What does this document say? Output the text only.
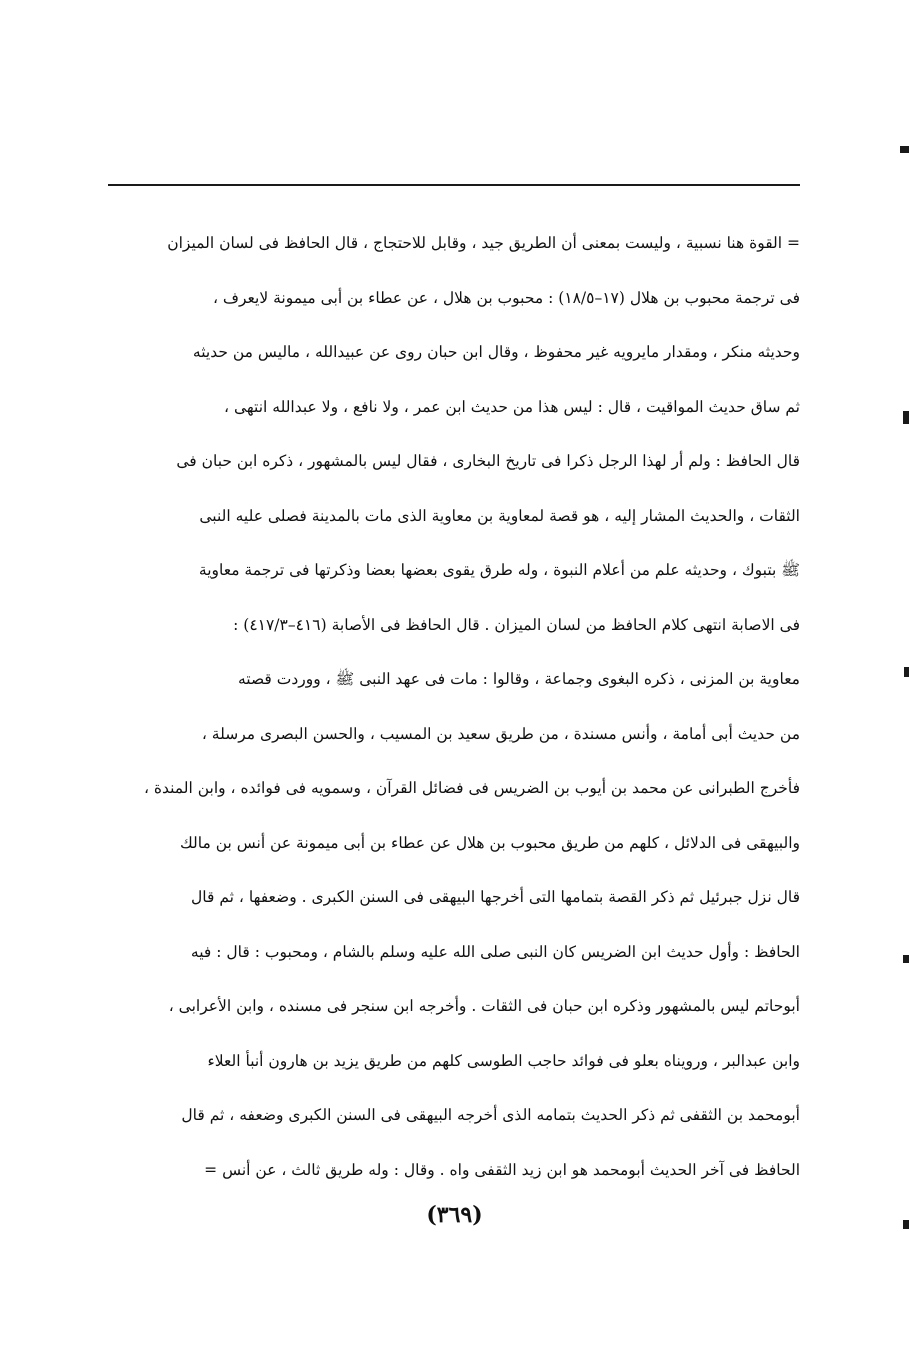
= القوة هنا نسبية ، وليست بمعنى أن الطريق جيد ، وقابل للاحتجاج ، قال الحافظ فى لسان الميزان
فى ترجمة محبوب بن هلال (١٧–١٨/٥) : محبوب بن هلال ، عن عطاء بن أبى ميمونة لايعرف ،
وحديثه منكر ، ومقدار مايرويه غير محفوظ ، وقال ابن حبان روى عن عبيدالله ، ماليس من حديثه
ثم ساق حديث المواقيت ، قال : ليس هذا من حديث ابن عمر ، ولا نافع ، ولا عبدالله انتهى ،
قال الحافظ : ولم أر لهذا الرجل ذكرا فى تاريخ البخارى ، فقال ليس بالمشهور ، ذكره ابن حبان فى
الثقات ، والحديث المشار إليه ، هو قصة لمعاوية بن معاوية الذى مات بالمدينة فصلى عليه النبى
ﷺ بتبوك ، وحديثه علم من أعلام النبوة ، وله طرق يقوى بعضها بعضا وذكرتها فى ترجمة معاوية
فى الاصابة انتهى كلام الحافظ من لسان الميزان . قال الحافظ فى الأصابة (٤١٦–٤١٧/٣) :
معاوية بن المزنى ، ذكره البغوى وجماعة ، وقالوا : مات فى عهد النبى ﷺ ، ووردت قصته
من حديث أبى أمامة ، وأنس مسندة ، من طريق سعيد بن المسيب ، والحسن البصرى مرسلة ،
فأخرج الطبرانى عن محمد بن أيوب بن الضريس فى فضائل القرآن ، وسمويه فى فوائده ، وابن المندة ،
والبيهقى فى الدلائل ، كلهم من طريق محبوب بن هلال عن عطاء بن أبى ميمونة عن أنس بن مالك
قال نزل جبرئيل ثم ذكر القصة بتمامها التى أخرجها البيهقى فى السنن الكبرى . وضعفها ، ثم قال
الحافظ : وأول حديث ابن الضريس كان النبى صلى الله عليه وسلم بالشام ، ومحبوب : قال : فيه
أبوحاتم ليس بالمشهور وذكره ابن حبان فى الثقات . وأخرجه ابن سنجر فى مسنده ، وابن الأعرابى ،
وابن عبدالبر ، ورويناه بعلو فى فوائد حاجب الطوسى كلهم من طريق يزيد بن هارون أنبأ العلاء
أبومحمد بن الثقفى ثم ذكر الحديث بتمامه الذى أخرجه البيهقى فى السنن الكبرى وضعفه ، ثم قال
الحافظ فى آخر الحديث أبومحمد هو ابن زيد الثقفى واه . وقال : وله طريق ثالث ، عن أنس =
(٣٦٩)
